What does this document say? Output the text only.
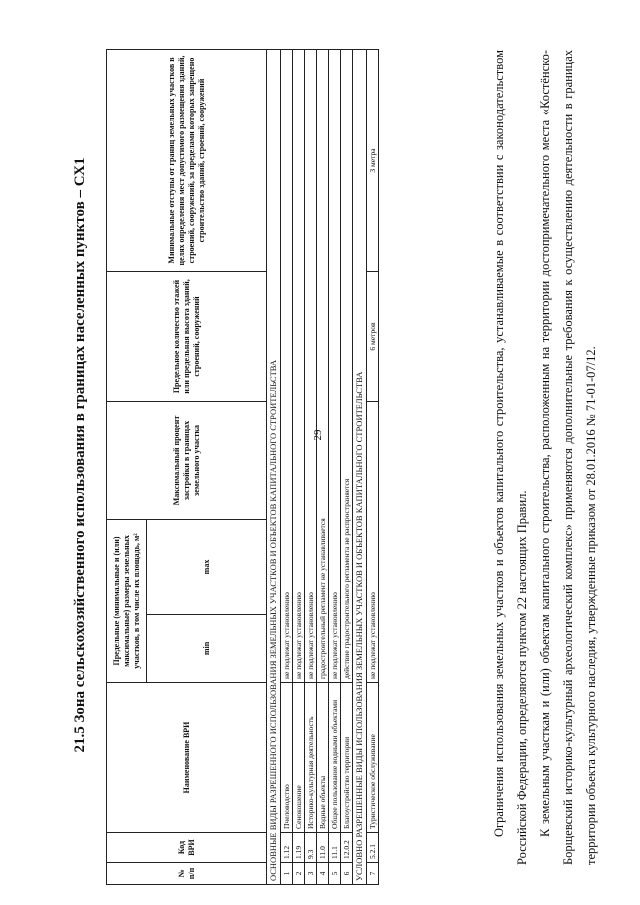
29
21.5 Зона сельскохозяйственного использования в границах населенных пунктов – СХ1
№ п/п	Код ВРИ	Наименование ВРИ	Предельные (минимальные и (или) максимальные) размеры земельных участков, в том числе их площадь, м²		Максимальный процент застройки в границах земельного участка	Предельное количество этажей или предельная высота зданий, строений, сооружений	Минимальные отступы от границ земельных участков в целях определения мест допустимого размещения зданий, строений, сооружений, за пределами которых запрещено строительство зданий, строений, сооружений
			min	max			
ОСНОВНЫЕ ВИДЫ РАЗРЕШЕННОГО ИСПОЛЬЗОВАНИЯ ЗЕМЕЛЬНЫХ УЧАСТКОВ И ОБЪЕКТОВ КАПИТАЛЬНОГО СТРОИТЕЛЬСТВА							
1	1.12	Пчеловодство	не подлежат установлению				
2	1.19	Сенокошение	не подлежат установлению				
3	9.3	Историко-культурная деятельность	не подлежат установлению				
4	11.0	Водные объекты	градостроительный регламент не устанавливается				
5	11.1	Общее пользование водными объектами	не подлежат установлению				
6	12.0.2	Благоустройство территории	действие градостроительного регламента не распространяется				
УСЛОВНО РАЗРЕШЕННЫЕ ВИДЫ ИСПОЛЬЗОВАНИЯ ЗЕМЕЛЬНЫХ УЧАСТКОВ И ОБЪЕКТОВ КАПИТАЛЬНОГО СТРОИТЕЛЬСТВА							
7	5.2.1	Туристическое обслуживание	не подлежат установлению			6 метров	3 метра	Ограничения использования земельных участков и объектов капитального строительства, устанавливаемые в соответствии с законодательством Российской Федерации, определяются пунктом 22 настоящих Правил. К земельным участкам и (или) объектам капитального строительства, расположенным на территории достопримечательного места «Костёнско-Борщевский историко-культурный археологический комплекс» применяются дополнительные требования к осуществлению деятельности в границах территории объекта культурного наследия, утвержденные приказом от 28.01.2016 № 71-01-07/12.
